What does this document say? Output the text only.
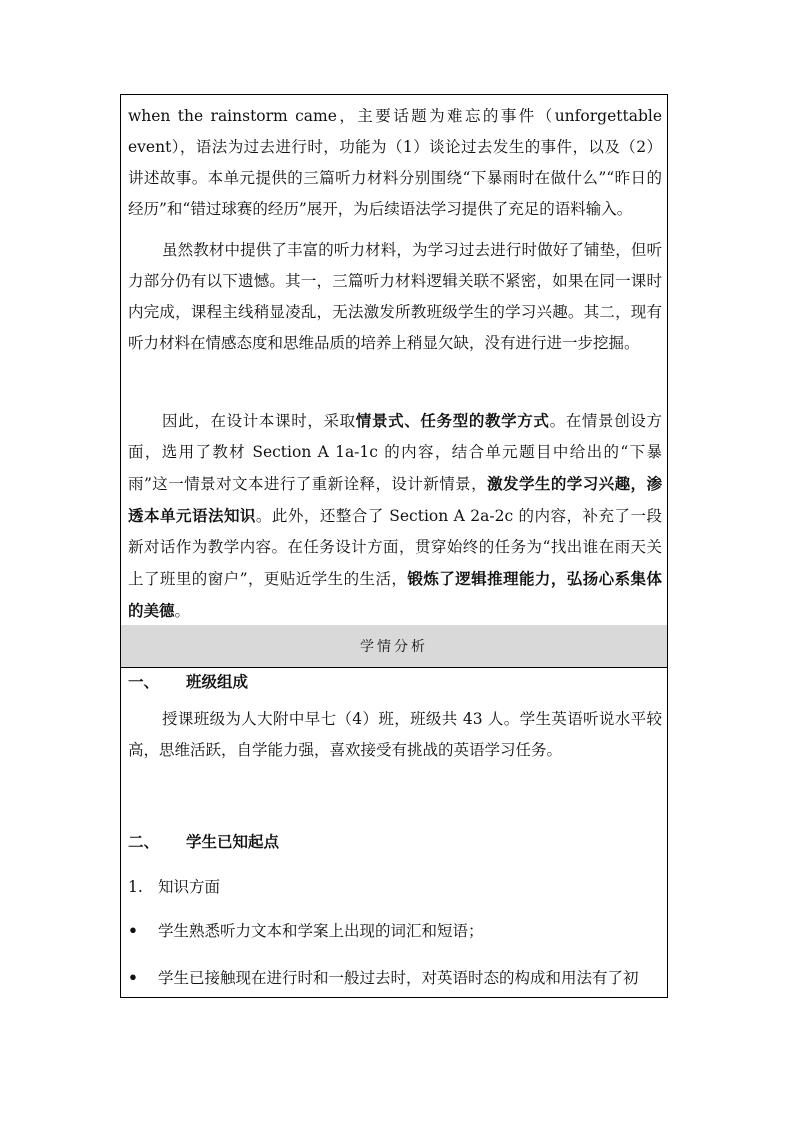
when the rainstorm came，主要话题为难忘的事件（unforgettable event），语法为过去进行时，功能为（1）谈论过去发生的事件，以及（2）讲述故事。本单元提供的三篇听力材料分别围绕“下暴雨时在做什么”“昨日的经历”和“错过球赛的经历”展开，为后续语法学习提供了充足的语料输入。

虽然教材中提供了丰富的听力材料，为学习过去进行时做好了铺垫，但听力部分仍有以下遗憾。其一，三篇听力材料逻辑关联不紧密，如果在同一课时内完成，课程主线稍显凌乱，无法激发所教班级学生的学习兴趣。其二，现有听力材料在情感态度和思维品质的培养上稍显欠缺，没有进行进一步挖掘。

因此，在设计本课时，采取情景式、任务型的教学方式。在情景创设方面，选用了教材 Section A 1a-1c 的内容，结合单元题目中给出的“下暴雨”这一情景对文本进行了重新诠释，设计新情景，激发学生的学习兴趣，渗透本单元语法知识。此外，还整合了 Section A 2a-2c 的内容，补充了一段新对话作为教学内容。在任务设计方面，贯穿始终的任务为“找出谁在雨天关上了班里的窗户”，更贴近学生的生活，锻炼了逻辑推理能力，弘扬心系集体的美德。

学情分析
一、	班级组成

授课班级为人大附中早七（4）班，班级共 43 人。学生英语听说水平较高，思维活跃，自学能力强，喜欢接受有挑战的英语学习任务。

二、	学生已知起点
1. 知识方面
•	学生熟悉听力文本和学案上出现的词汇和短语；
•	学生已接触现在进行时和一般过去时，对英语时态的构成和用法有了初
